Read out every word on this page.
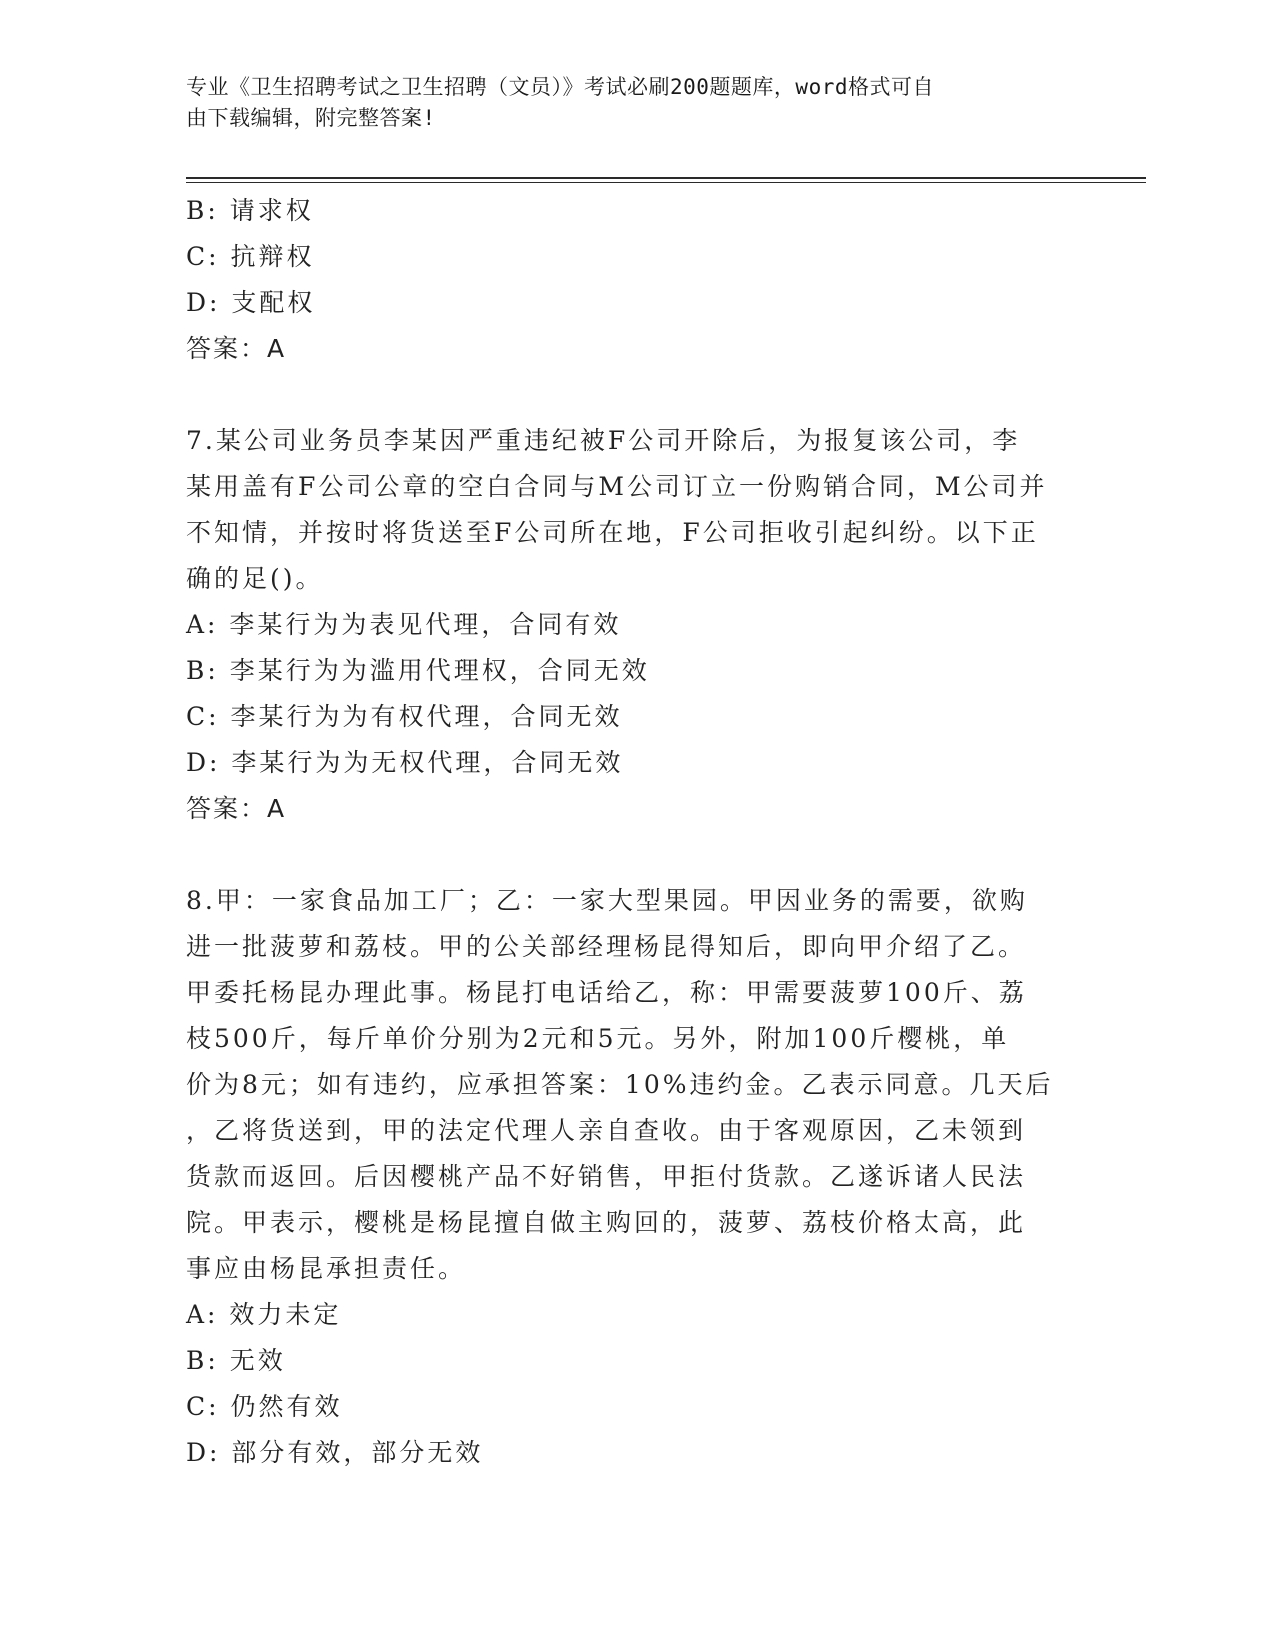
专业《卫生招聘考试之卫生招聘（文员）》考试必刷200题题库，word格式可自
由下载编辑，附完整答案!
B: 请求权
C: 抗辩权
D: 支配权
答案：A
7.某公司业务员李某因严重违纪被F公司开除后，为报复该公司，李
某用盖有F公司公章的空白合同与M公司订立一份购销合同，M公司并
不知情，并按时将货送至F公司所在地，F公司拒收引起纠纷。以下正
确的足()。
A: 李某行为为表见代理，合同有效
B: 李某行为为滥用代理权，合同无效
C: 李某行为为有权代理，合同无效
D: 李某行为为无权代理，合同无效
答案：A
8.甲：一家食品加工厂；乙：一家大型果园。甲因业务的需要，欲购
进一批菠萝和荔枝。甲的公关部经理杨昆得知后，即向甲介绍了乙。
甲委托杨昆办理此事。杨昆打电话给乙，称：甲需要菠萝100斤、荔
枝500斤，每斤单价分别为2元和5元。另外，附加100斤樱桃，单
价为8元；如有违约，应承担答案：10%违约金。乙表示同意。几天后
，乙将货送到，甲的法定代理人亲自查收。由于客观原因，乙未领到
货款而返回。后因樱桃产品不好销售，甲拒付货款。乙遂诉诸人民法
院。甲表示，樱桃是杨昆擅自做主购回的，菠萝、荔枝价格太高，此
事应由杨昆承担责任。
A: 效力未定
B: 无效
C: 仍然有效
D: 部分有效，部分无效
